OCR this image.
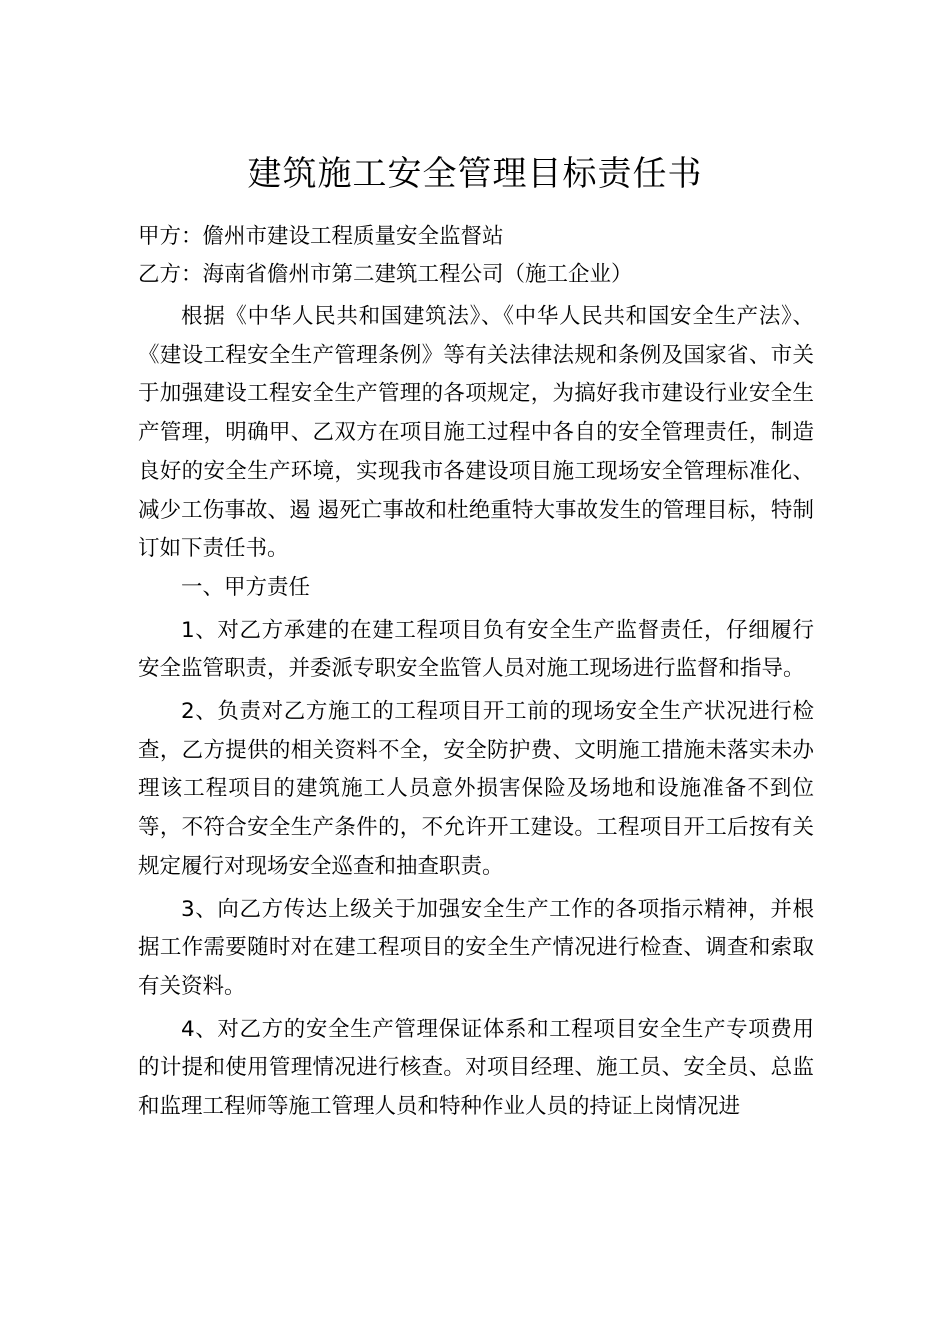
建筑施工安全管理目标责任书
甲方：儋州市建设工程质量安全监督站
乙方：海南省儋州市第二建筑工程公司（施工企业）

根据《中华人民共和国建筑法》、《中华人民共和国安全生产法》、《建设工程安全生产管理条例》等有关法律法规和条例及国家省、市关于加强建设工程安全生产管理的各项规定，为搞好我市建设行业安全生产管理，明确甲、乙双方在项目施工过程中各自的安全管理责任，制造良好的安全生产环境，实现我市各建设项目施工现场安全管理标准化、减少工伤事故、遏 遏死亡事故和杜绝重特大事故发生的管理目标，特制订如下责任书。

一、甲方责任

1、对乙方承建的在建工程项目负有安全生产监督责任，仔细履行安全监管职责，并委派专职安全监管人员对施工现场进行监督和指导。

2、负责对乙方施工的工程项目开工前的现场安全生产状况进行检查，乙方提供的相关资料不全，安全防护费、文明施工措施未落实未办理该工程项目的建筑施工人员意外损害保险及场地和设施准备不到位等，不符合安全生产条件的，不允许开工建设。工程项目开工后按有关规定履行对现场安全巡查和抽查职责。

3、向乙方传达上级关于加强安全生产工作的各项指示精神，并根据工作需要随时对在建工程项目的安全生产情况进行检查、调查和索取有关资料。

4、对乙方的安全生产管理保证体系和工程项目安全生产专项费用的计提和使用管理情况进行核查。对项目经理、施工员、安全员、总监和监理工程师等施工管理人员和特种作业人员的持证上岗情况进
